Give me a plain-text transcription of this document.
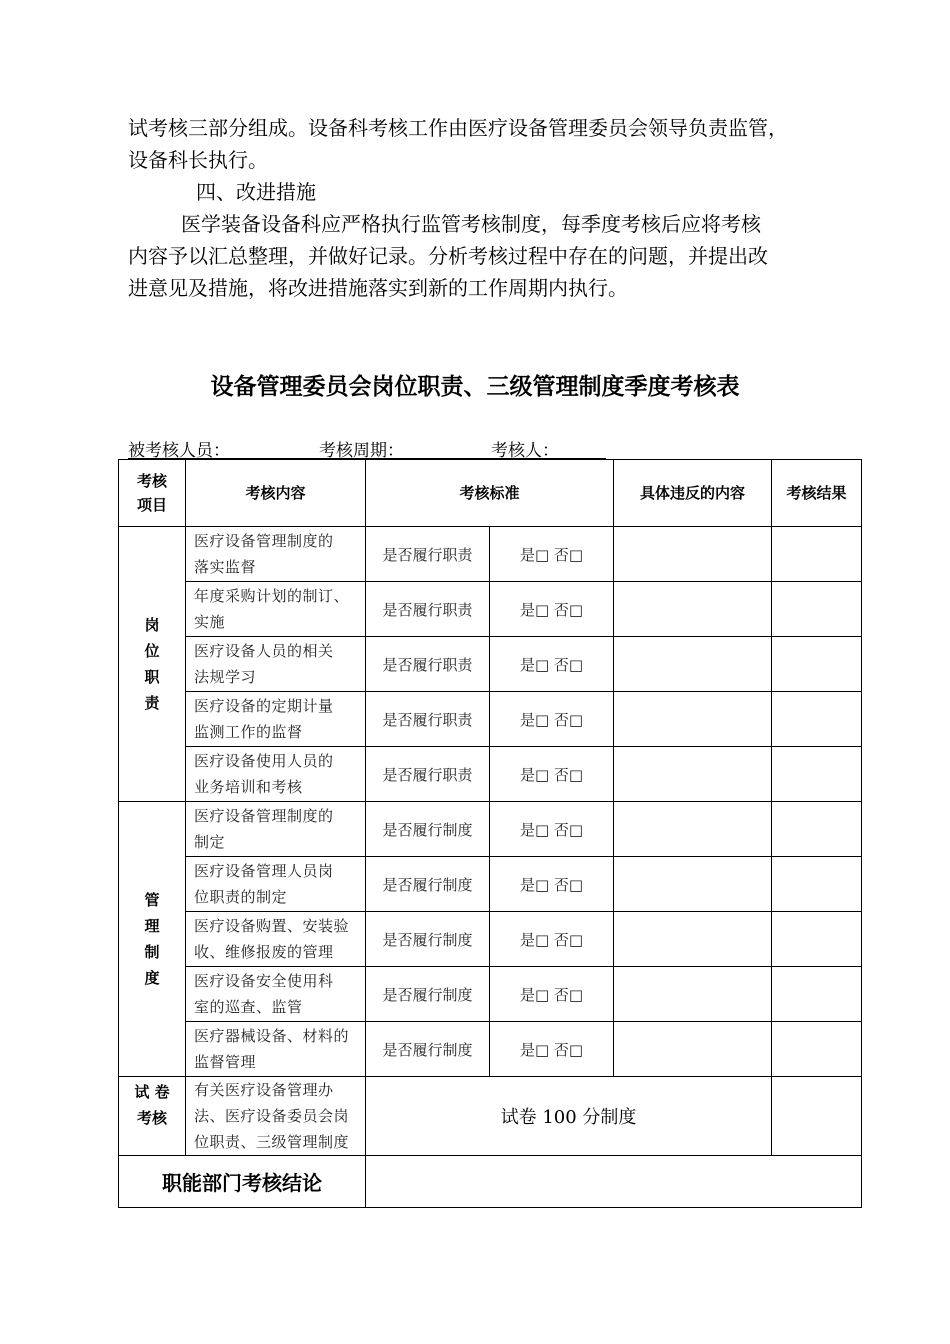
试考核三部分组成。设备科考核工作由医疗设备管理委员会领导负责监管，
设备科长执行。

四、改进措施

医学装备设备科应严格执行监管考核制度，每季度考核后应将考核
内容予以汇总整理，并做好记录。分析考核过程中存在的问题，并提出改
进意见及措施，将改进措施落实到新的工作周期内执行。

设备管理委员会岗位职责、三级管理制度季度考核表
被考核人员：	考核周期：	考核人：
考核
项目	考核内容	考核标准		具体违反的内容	考核结果
岗
位
职
责	医疗设备管理制度的
落实监督	是否履行职责	是□ 否□		
	年度采购计划的制订、
实施	是否履行职责	是□ 否□		
	医疗设备人员的相关
法规学习	是否履行职责	是□ 否□		
	医疗设备的定期计量
监测工作的监督	是否履行职责	是□ 否□		
	医疗设备使用人员的
业务培训和考核	是否履行职责	是□ 否□		
管
理
制
度	医疗设备管理制度的
制定	是否履行制度	是□ 否□		
	医疗设备管理人员岗
位职责的制定	是否履行制度	是□ 否□		
	医疗设备购置、安装验
收、维修报废的管理	是否履行制度	是□ 否□		
	医疗设备安全使用科
室的巡查、监管	是否履行制度	是□ 否□		
	医疗器械设备、材料的
监督管理	是否履行制度	是□ 否□		
试 卷
考核	有关医疗设备管理办
法、医疗设备委员会岗
位职责、三级管理制度	试卷 100 分制度			
职能部门考核结论					
